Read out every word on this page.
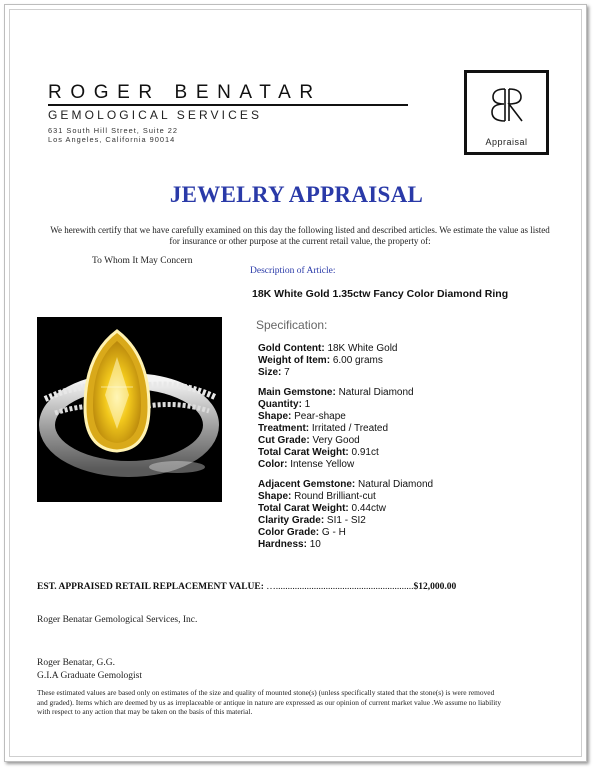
ROGER BENATAR
GEMOLOGICAL SERVICES
631 South Hill Street, Suite 22
Los Angeles, California 90014	Appraisal
JEWELRY APPRAISAL
We herewith certify that we have carefully examined on this day the following listed and described articles. We estimate the value as listed for insurance or other purpose at the current retail value, the property of:
To Whom It May Concern
Description of Article:
18K White Gold 1.35ctw Fancy Color Diamond Ring
Specification:
Gold Content: 18K White Gold
Weight of Item: 6.00 grams
Size: 7
Main Gemstone: Natural Diamond
Quantity: 1
Shape: Pear-shape
Treatment: Irritated / Treated
Cut Grade: Very Good
Total Carat Weight: 0.91ct
Color: Intense Yellow
Adjacent Gemstone: Natural Diamond
Shape: Round Brilliant-cut
Total Carat Weight: 0.44ctw
Clarity Grade: SI1 - SI2
Color Grade: G - H
Hardness: 10
EST. APPRAISED RETAIL REPLACEMENT VALUE: …..........................................................$12,000.00
Roger Benatar Gemological Services, Inc.
Roger Benatar, G.G.
G.I.A Graduate Gemologist
These estimated values are based only on estimates of the size and quality of mounted stone(s) (unless specifically stated that the stone(s) is were removed and graded). Items which are deemed by us as irreplaceable or antique in nature are expressed as our opinion of current market value .We assume no liability with respect to any action that may be taken on the basis of this material.
